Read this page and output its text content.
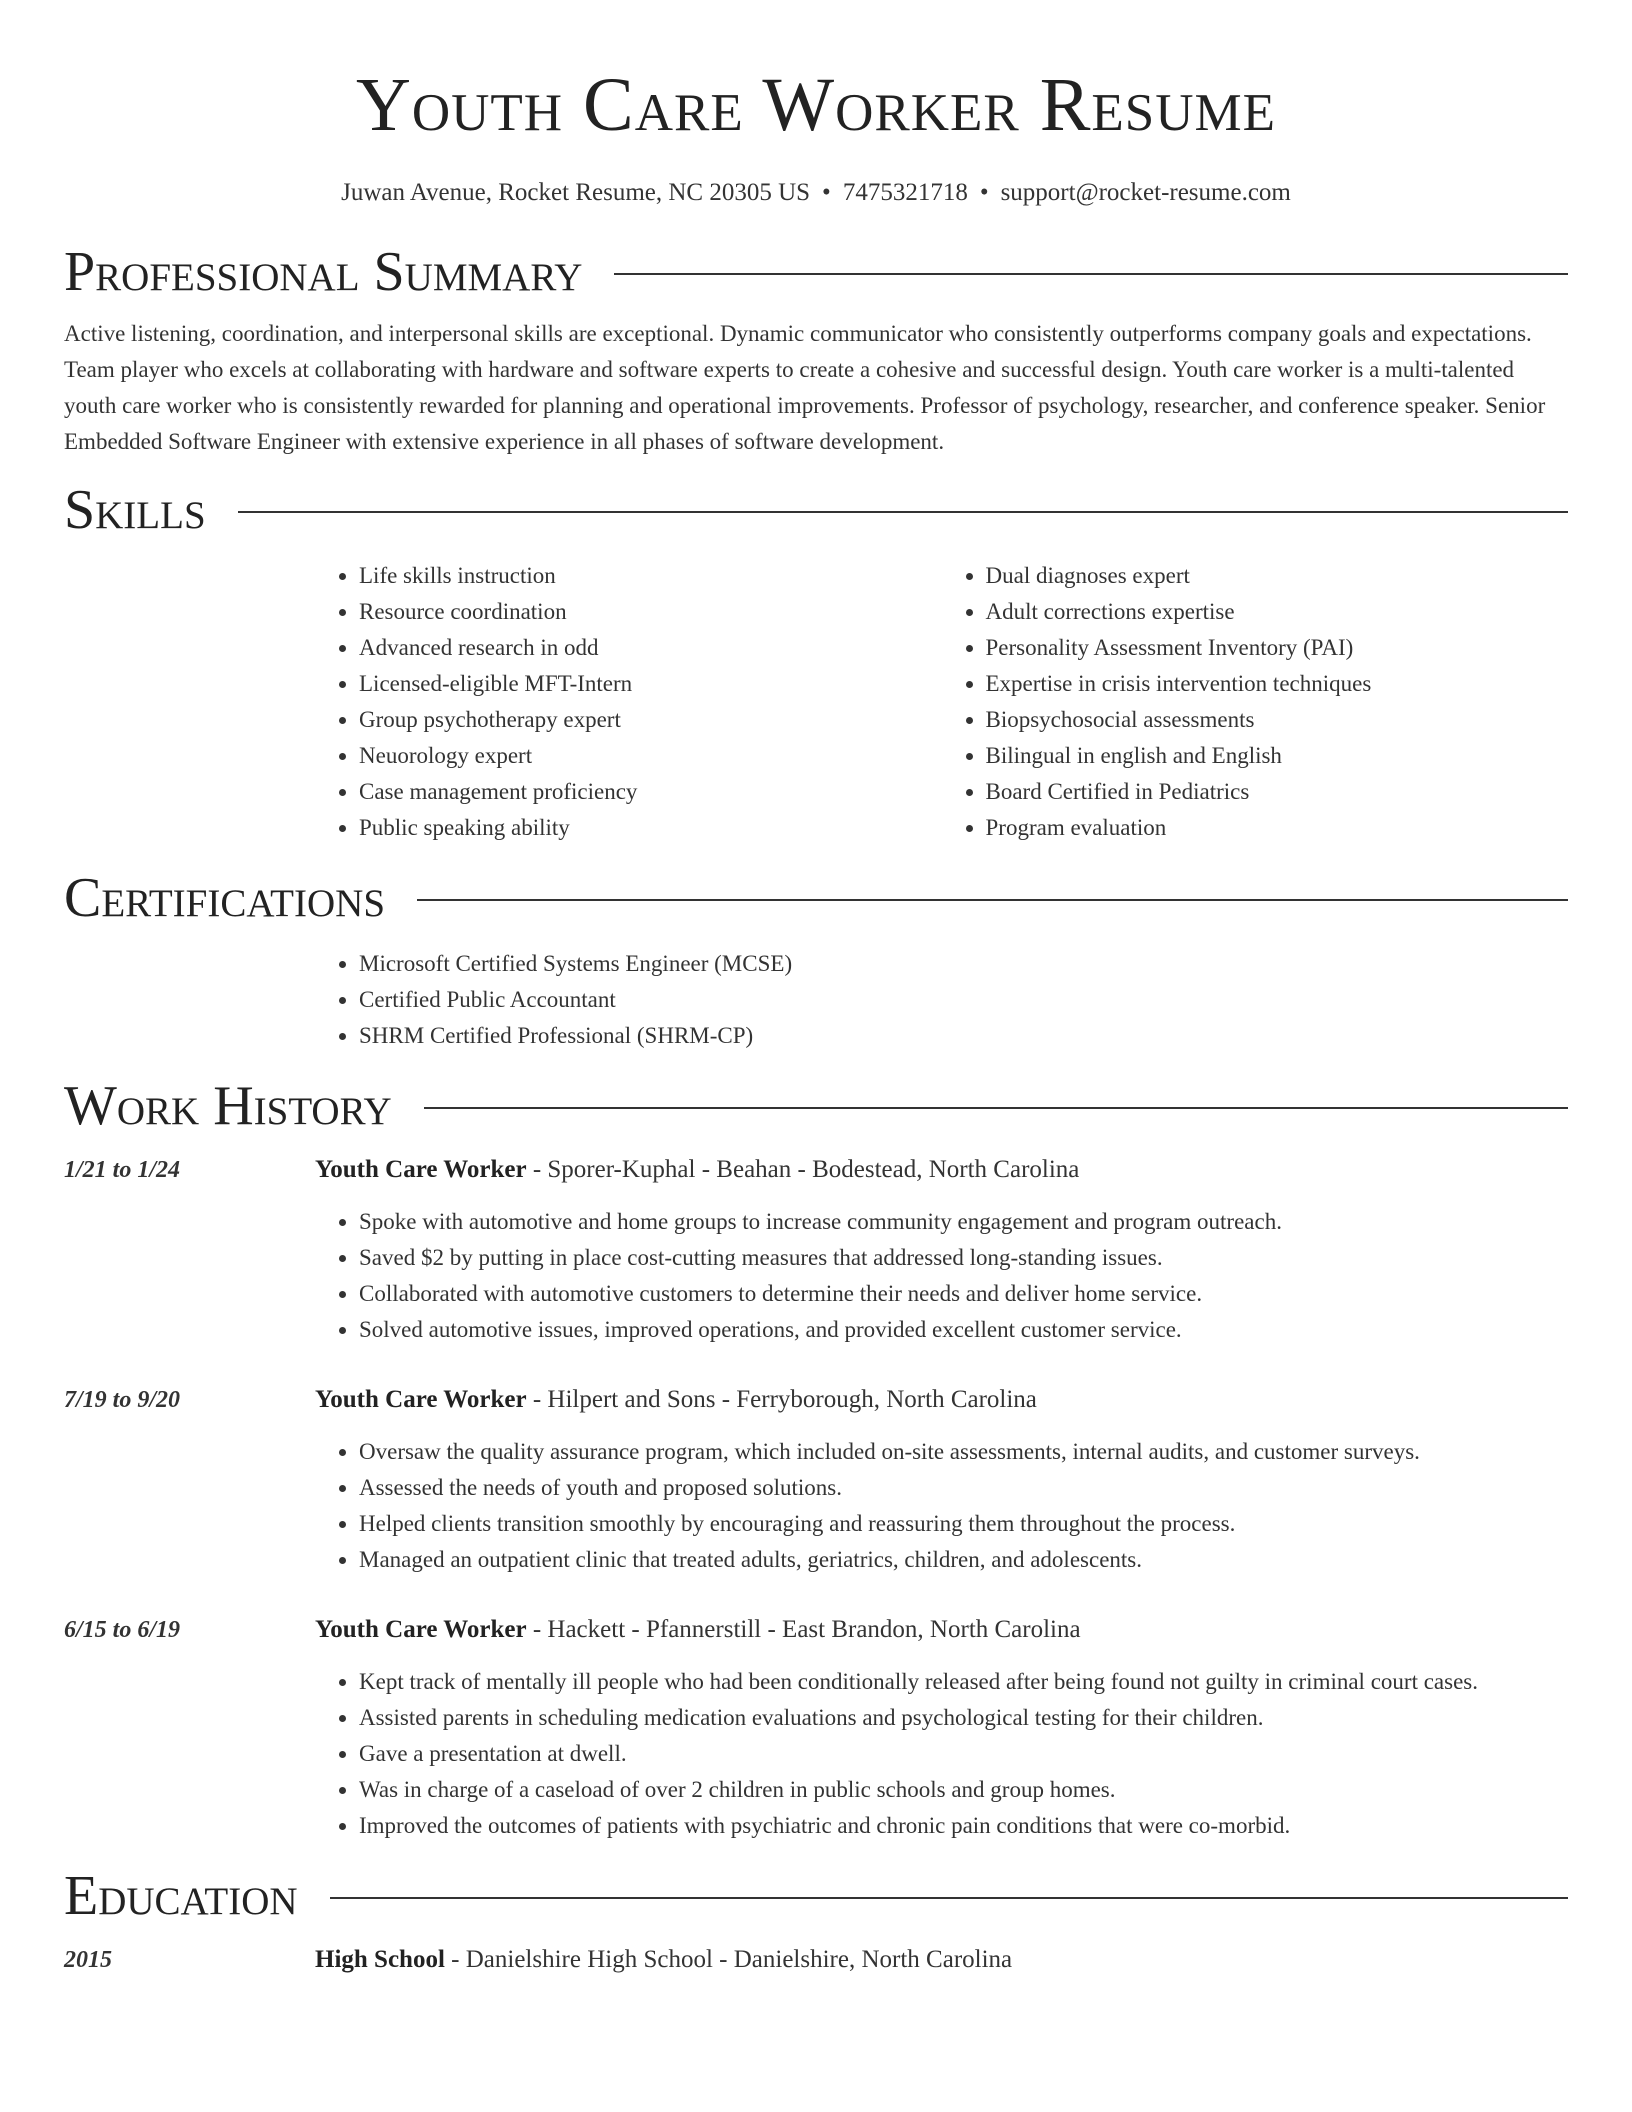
Youth Care Worker Resume
Juwan Avenue, Rocket Resume, NC 20305 US • 7475321718 • support@rocket-resume.com
Professional Summary

Active listening, coordination, and interpersonal skills are exceptional. Dynamic communicator who consistently outperforms company goals and expectations. Team player who excels at collaborating with hardware and software experts to create a cohesive and successful design. Youth care worker is a multi-talented youth care worker who is consistently rewarded for planning and operational improvements. Professor of psychology, researcher, and conference speaker. Senior Embedded Software Engineer with extensive experience in all phases of software development.

Skills
• Life skills instruction
• Resource coordination
• Advanced research in odd
• Licensed-eligible MFT-Intern
• Group psychotherapy expert
• Neuorology expert
• Case management proficiency
• Public speaking ability
• Dual diagnoses expert
• Adult corrections expertise
• Personality Assessment Inventory (PAI)
• Expertise in crisis intervention techniques
• Biopsychosocial assessments
• Bilingual in english and English
• Board Certified in Pediatrics
• Program evaluation
Certifications
• Microsoft Certified Systems Engineer (MCSE)
• Certified Public Accountant
• SHRM Certified Professional (SHRM-CP)
Work History
1/21 to 1/24	Youth Care Worker - Sporer-Kuphal - Beahan - Bodestead, North Carolina
• Spoke with automotive and home groups to increase community engagement and program outreach.
• Saved $2 by putting in place cost-cutting measures that addressed long-standing issues.
• Collaborated with automotive customers to determine their needs and deliver home service.
• Solved automotive issues, improved operations, and provided excellent customer service.
7/19 to 9/20	Youth Care Worker - Hilpert and Sons - Ferryborough, North Carolina
• Oversaw the quality assurance program, which included on-site assessments, internal audits, and customer surveys.
• Assessed the needs of youth and proposed solutions.
• Helped clients transition smoothly by encouraging and reassuring them throughout the process.
• Managed an outpatient clinic that treated adults, geriatrics, children, and adolescents.
6/15 to 6/19	Youth Care Worker - Hackett - Pfannerstill - East Brandon, North Carolina
• Kept track of mentally ill people who had been conditionally released after being found not guilty in criminal court cases.
• Assisted parents in scheduling medication evaluations and psychological testing for their children.
• Gave a presentation at dwell.
• Was in charge of a caseload of over 2 children in public schools and group homes.
• Improved the outcomes of patients with psychiatric and chronic pain conditions that were co-morbid.
Education
2015	High School - Danielshire High School - Danielshire, North Carolina
